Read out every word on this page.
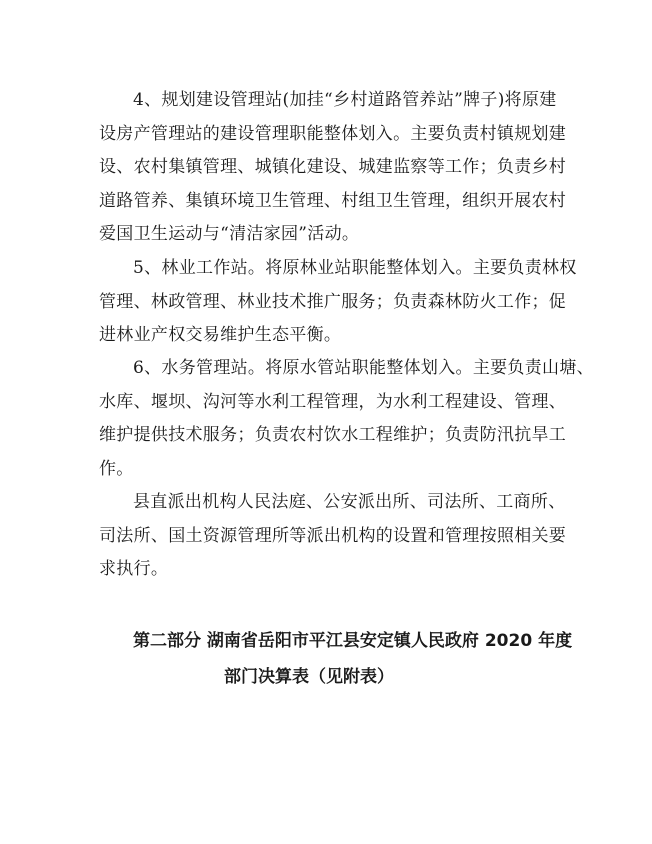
4、规划建设管理站(加挂“乡村道路管养站”牌子)将原建
设房产管理站的建设管理职能整体划入。主要负责村镇规划建
设、农村集镇管理、城镇化建设、城建监察等工作；负责乡村
道路管养、集镇环境卫生管理、村组卫生管理，组织开展农村
爱国卫生运动与“清洁家园”活动。
5、林业工作站。将原林业站职能整体划入。主要负责林权
管理、林政管理、林业技术推广服务；负责森林防火工作；促
进林业产权交易维护生态平衡。
6、水务管理站。将原水管站职能整体划入。主要负责山塘、
水库、堰坝、沟河等水利工程管理，为水利工程建设、管理、
维护提供技术服务；负责农村饮水工程维护；负责防汛抗旱工
作。
县直派出机构人民法庭、公安派出所、司法所、工商所、
司法所、国土资源管理所等派出机构的设置和管理按照相关要
求执行。
第二部分 湖南省岳阳市平江县安定镇人民政府 2020 年度
部门决算表（见附表）
